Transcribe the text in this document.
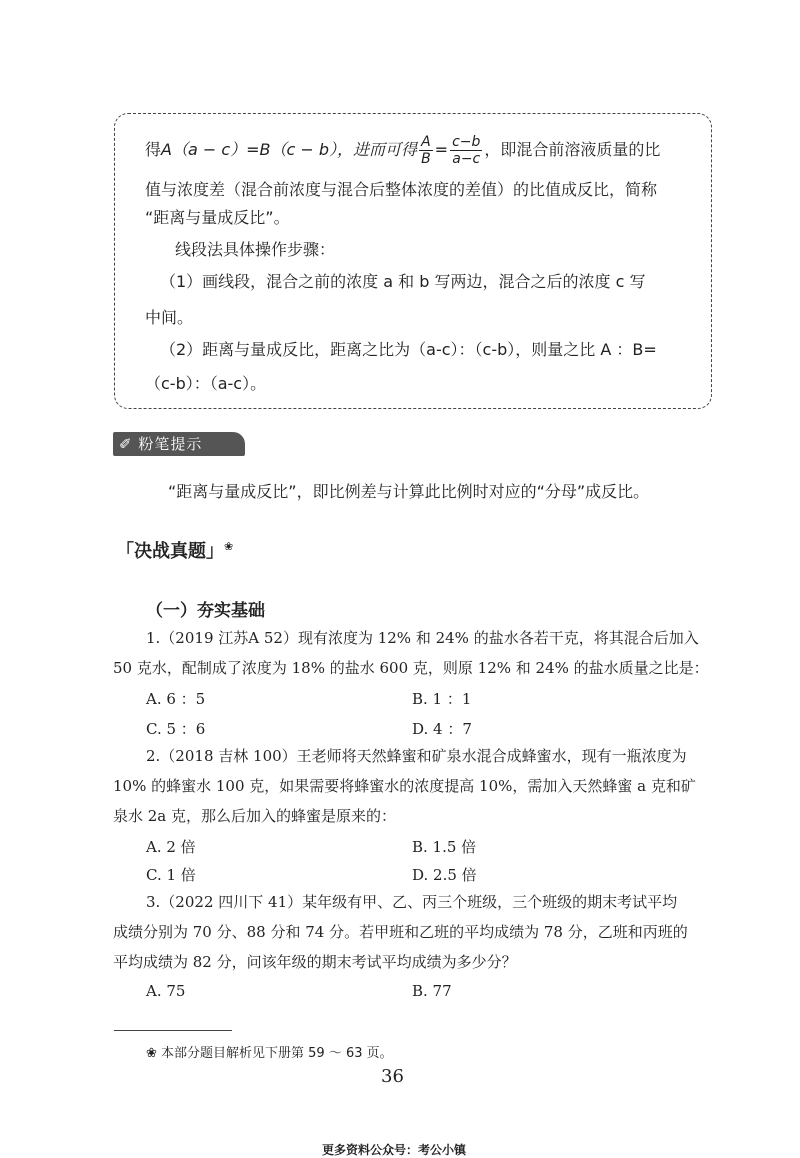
得A（a − c）=B（c − b），进而可得 $\frac{A}{B} = \frac{c-b}{a-c}$ ，即混合前溶液质量的比
值与浓度差（混合前浓度与混合后整体浓度的差值）的比值成反比，简称
“距离与量成反比”。
线段法具体操作步骤：
（1）画线段，混合之前的浓度 a 和 b 写两边，混合之后的浓度 c 写
中间。
（2）距离与量成反比，距离之比为（a-c）：（c-b），则量之比 A ：B=
（c-b）：（a-c）。
✐ 粉笔提示
“距离与量成反比”，即比例差与计算此比例时对应的“分母”成反比。
「决战真题」❀
（一）夯实基础
1.（2019 江苏A 52）现有浓度为 12% 和 24% 的盐水各若干克，将其混合后加入
50 克水，配制成了浓度为 18% 的盐水 600 克，则原 12% 和 24% 的盐水质量之比是：
A. 6 ：5	B. 1 ：1
C. 5 ：6	D. 4 ：7
2.（2018 吉林 100）王老师将天然蜂蜜和矿泉水混合成蜂蜜水，现有一瓶浓度为
10% 的蜂蜜水 100 克，如果需要将蜂蜜水的浓度提高 10%，需加入天然蜂蜜 a 克和矿
泉水 2a 克，那么后加入的蜂蜜是原来的：
A. 2 倍	B. 1.5 倍
C. 1 倍	D. 2.5 倍
3.（2022 四川下 41）某年级有甲、乙、丙三个班级，三个班级的期末考试平均
成绩分别为 70 分、88 分和 74 分。若甲班和乙班的平均成绩为 78 分，乙班和丙班的
平均成绩为 82 分，问该年级的期末考试平均成绩为多少分？
A. 75	B. 77
❀ 本部分题目解析见下册第 59 ～ 63 页。
36
更多资料公众号：考公小镇
